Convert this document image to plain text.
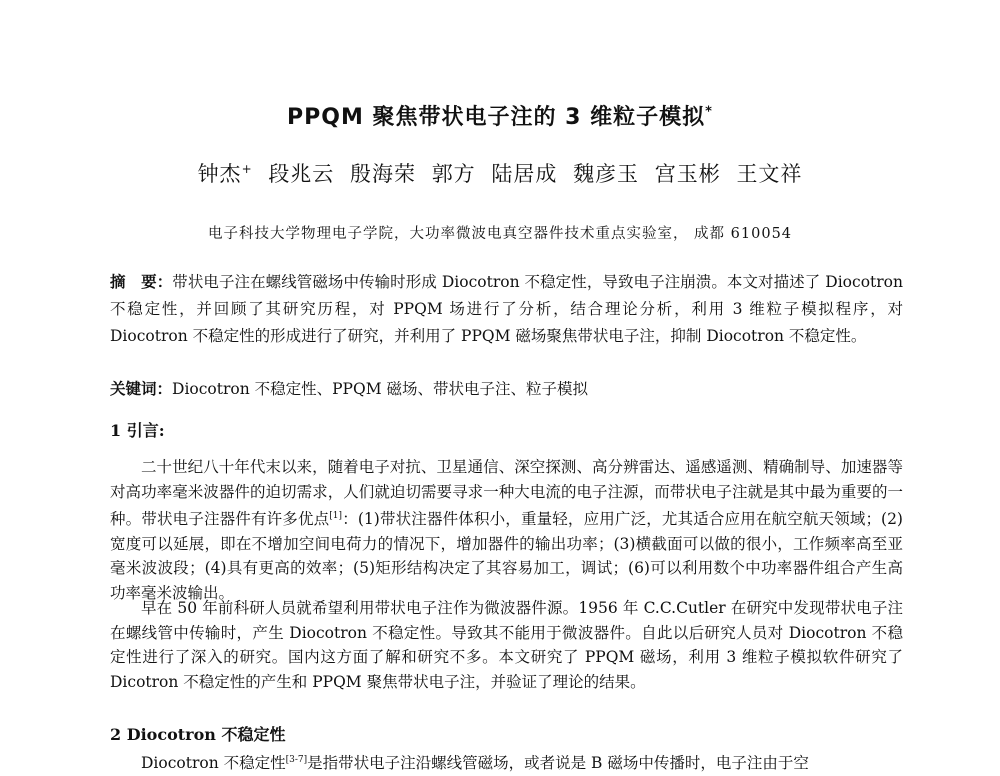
PPQM 聚焦带状电子注的 3 维粒子模拟*
钟杰+ 段兆云 殷海荣 郭方 陆居成 魏彦玉 宫玉彬 王文祥
电子科技大学物理电子学院，大功率微波电真空器件技术重点实验室， 成都 610054
摘　要：带状电子注在螺线管磁场中传输时形成 Diocotron 不稳定性，导致电子注崩溃。本文对描述了 Diocotron 不稳定性，并回顾了其研究历程，对 PPQM 场进行了分析，结合理论分析，利用 3 维粒子模拟程序，对 Diocotron 不稳定性的形成进行了研究，并利用了 PPQM 磁场聚焦带状电子注，抑制 Diocotron 不稳定性。
关键词：Diocotron 不稳定性、PPQM 磁场、带状电子注、粒子模拟
1 引言:
二十世纪八十年代末以来，随着电子对抗、卫星通信、深空探测、高分辨雷达、遥感遥测、精确制导、加速器等对高功率毫米波器件的迫切需求，人们就迫切需要寻求一种大电流的电子注源，而带状电子注就是其中最为重要的一种。带状电子注器件有许多优点[1]：(1)带状注器件体积小，重量轻，应用广泛，尤其适合应用在航空航天领域；(2)宽度可以延展，即在不增加空间电荷力的情况下，增加器件的输出功率；(3)横截面可以做的很小，工作频率高至亚毫米波波段；(4)具有更高的效率；(5)矩形结构决定了其容易加工，调试；(6)可以利用数个中功率器件组合产生高功率毫米波输出。
早在 50 年前科研人员就希望利用带状电子注作为微波器件源。1956 年 C.C.Cutler 在研究中发现带状电子注在螺线管中传输时，产生 Diocotron 不稳定性。导致其不能用于微波器件。自此以后研究人员对 Diocotron 不稳定性进行了深入的研究。国内这方面了解和研究不多。本文研究了 PPQM 磁场，利用 3 维粒子模拟软件研究了 Dicotron 不稳定性的产生和 PPQM 聚焦带状电子注，并验证了理论的结果。
2 Diocotron 不稳定性
Diocotron 不稳定性[3-7]是指带状电子注沿螺线管磁场，或者说是 B 磁场中传播时，电子注由于空
